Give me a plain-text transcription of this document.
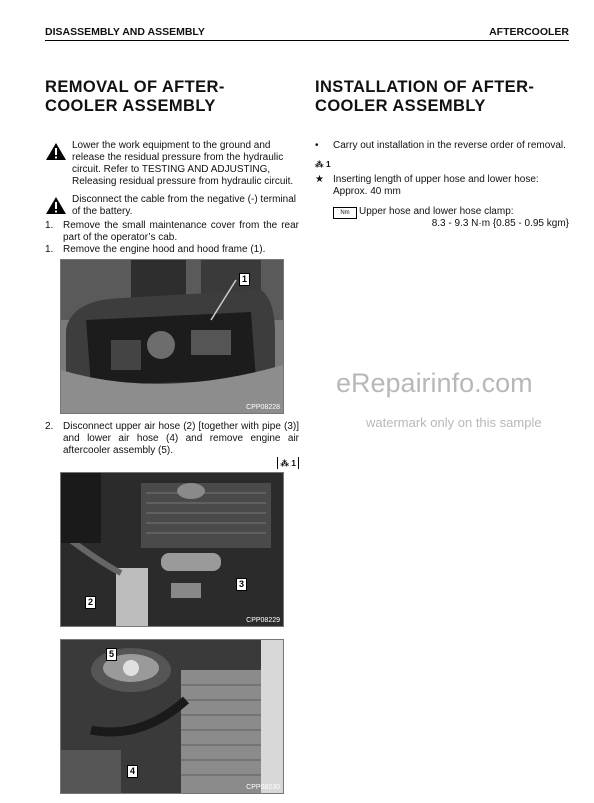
DISASSEMBLY AND ASSEMBLY	AFTERCOOLER
REMOVAL OF AFTER-
COOLER ASSEMBLY
Lower the work equipment to the ground and release the residual pressure from the hydraulic circuit. Refer to TESTING AND ADJUSTING, Releasing residual pressure from hydraulic circuit.
Disconnect the cable from the negative (-) terminal of the battery.
1. Remove the small maintenance cover from the rear part of the operator’s cab.
1. Remove the engine hood and hood frame (1).
1
CPP08228
2. Disconnect upper air hose (2) [together with pipe (3)] and lower air hose (4) and remove engine air aftercooler assembly (5).
⁂ 1
2
3
CPP08229
5
4
CPP08230
INSTALLATION OF AFTER-
COOLER ASSEMBLY
• Carry out installation in the reverse order of removal.
⁂ 1
★ Inserting length of upper hose and lower hose: Approx. 40 mm
Nm Upper hose and lower hose clamp:
8.3 - 9.3 N·m {0.85 - 0.95 kgm}
eRepairinfo.com
watermark only on this sample
